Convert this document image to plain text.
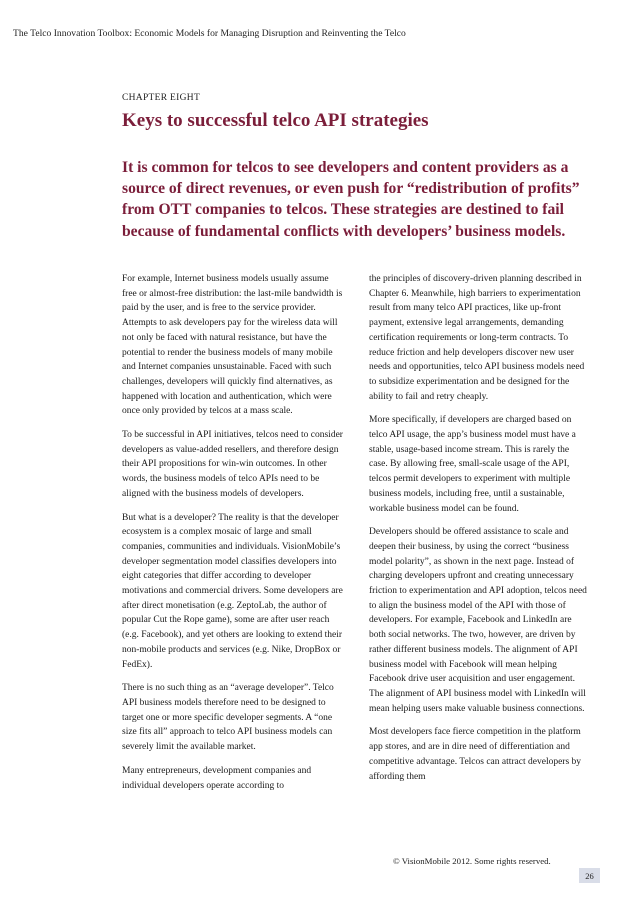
The Telco Innovation Toolbox: Economic Models for Managing Disruption and Reinventing the Telco
CHAPTER EIGHT
Keys to successful telco API strategies

It is common for telcos to see developers and content providers as a source of direct revenues, or even push for “redistribution of profits” from OTT companies to telcos. These strategies are destined to fail because of fundamental conflicts with developers’ business models.

For example, Internet business models usually assume free or almost-free distribution: the last-mile bandwidth is paid by the user, and is free to the service provider. Attempts to ask developers pay for the wireless data will not only be faced with natural resistance, but have the potential to render the business models of many mobile and Internet companies unsustainable. Faced with such challenges, developers will quickly find alternatives, as happened with location and authentication, which were once only provided by telcos at a mass scale.

To be successful in API initiatives, telcos need to consider developers as value-added resellers, and therefore design their API propositions for win-win outcomes. In other words, the business models of telco APIs need to be aligned with the business models of developers.

But what is a developer? The reality is that the developer ecosystem is a complex mosaic of large and small companies, communities and individuals. VisionMobile’s developer segmentation model classifies developers into eight categories that differ according to developer motivations and commercial drivers. Some developers are after direct monetisation (e.g. ZeptoLab, the author of popular Cut the Rope game), some are after user reach (e.g. Facebook), and yet others are looking to extend their non-mobile products and services (e.g. Nike, DropBox or FedEx).

There is no such thing as an “average developer”. Telco API business models therefore need to be designed to target one or more specific developer segments. A “one size fits all” approach to telco API business models can severely limit the available market.

Many entrepreneurs, development companies and individual developers operate according to

the principles of discovery-driven planning described in Chapter 6. Meanwhile, high barriers to experimentation result from many telco API practices, like up-front payment, extensive legal arrangements, demanding certification requirements or long-term contracts. To reduce friction and help developers discover new user needs and opportunities, telco API business models need to subsidize experimentation and be designed for the ability to fail and retry cheaply.

More specifically, if developers are charged based on telco API usage, the app’s business model must have a stable, usage-based income stream. This is rarely the case. By allowing free, small-scale usage of the API, telcos permit developers to experiment with multiple business models, including free, until a sustainable, workable business model can be found.

Developers should be offered assistance to scale and deepen their business, by using the correct “business model polarity”, as shown in the next page. Instead of charging developers upfront and creating unnecessary friction to experimentation and API adoption, telcos need to align the business model of the API with those of developers. For example, Facebook and LinkedIn are both social networks. The two, however, are driven by rather different business models. The alignment of API business model with Facebook will mean helping Facebook drive user acquisition and user engagement. The alignment of API business model with LinkedIn will mean helping users make valuable business connections.

Most developers face fierce competition in the platform app stores, and are in dire need of differentiation and competitive advantage. Telcos can attract developers by affording them

© VisionMobile 2012. Some rights reserved.
26
